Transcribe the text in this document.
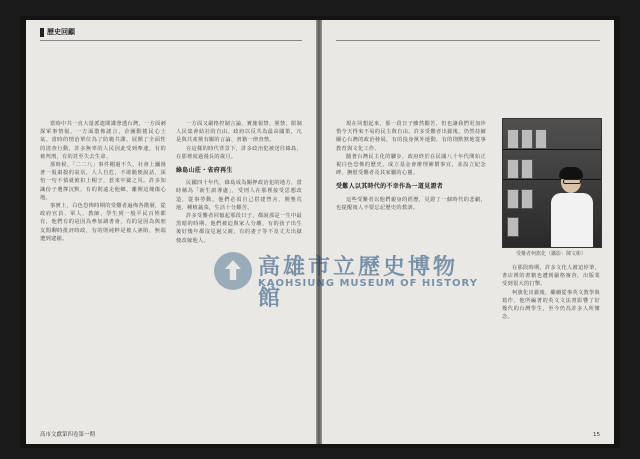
歷史回顧

當時中共一直大量派遣間諜滲透台灣，一方面刺探軍事情報，一方面散佈謠言，企圖動搖民心士氣。當時的情治單位為了防範共諜，展開了全面性的清查行動，許多無辜的人民因此受到牽連，有的被判刑，有的甚至失去生命。

那時候，「二二八」事件剛過不久，社會上瀰漫著一股肅殺的氣氛，人人自危，不敢隨便說話，深怕一句不慎就被扣上帽子，惹來牢獄之災。許多知識份子選擇沉默，有的則遠走他鄉，離開這塊傷心地。

事實上，白色恐怖時期的受難者遍佈各階層，從政府官員、軍人、教師、學生到一般平民百姓都有，他們有的是因為參加讀書會，有的是因為與朋友閒聊時批評時政，有的則純粹是被人誣陷，無端遭到逮捕。

一方面又嚴格控制言論，實施報禁、黨禁，限制人民集會結社的自由。政府以反共為最高國策，凡是與共產黨有關的言論、書籍一律查禁。

在這樣的時代背景下，許多政治犯被送往綠島，在那裡度過漫長的歲月。

綠島山莊・省府再生

民國四十年代，綠島成為關押政治犯的地方，當時稱為「新生訓導處」，受刑人在那裡接受思想改造，從事勞動。他們必須自己搭建營舍、開墾荒地、種植蔬菜，生活十分艱苦。

許多受難者回憶起那段日子，都說那是一生中最黑暗的時期。他們被迫與家人分離，有的孩子出生後好幾年都沒見過父親，有的妻子等不及丈夫出獄便改嫁他人。

高市文獻第四卷第一期

現在回想起來，那一段日子雖然艱苦，但也讓我們更加珍惜今天得來不易的民主與自由。許多受難者出獄後，仍然持續關心台灣的政治發展，有的投身黨外運動，有的則默默地從事教育與文化工作。

隨著台灣民主化的腳步，政府終於在民國八十年代開始正視白色恐怖的歷史，成立基金會辦理補償事宜，並設立紀念碑，撫慰受難者及其家屬的心靈。

受難人以其時代的不幸作為一道見證者

這些受難者以他們親身的經歷，見證了一個時代的悲劇，也提醒後人不要忘記歷史的教訓。

受難者柯旗化（攝影：陳文彬）

在那段時期，許多文化人被迫停筆，書店裡的書籍也遭到嚴格審查，出版業受到很大的打擊。

柯旗化出獄後，繼續從事英文教學與寫作，他所編著的英文文法書影響了好幾代的台灣學生，至今仍為許多人所懷念。

15
高雄市立歷史博物館
KAOHSIUNG MUSEUM OF HISTORY
